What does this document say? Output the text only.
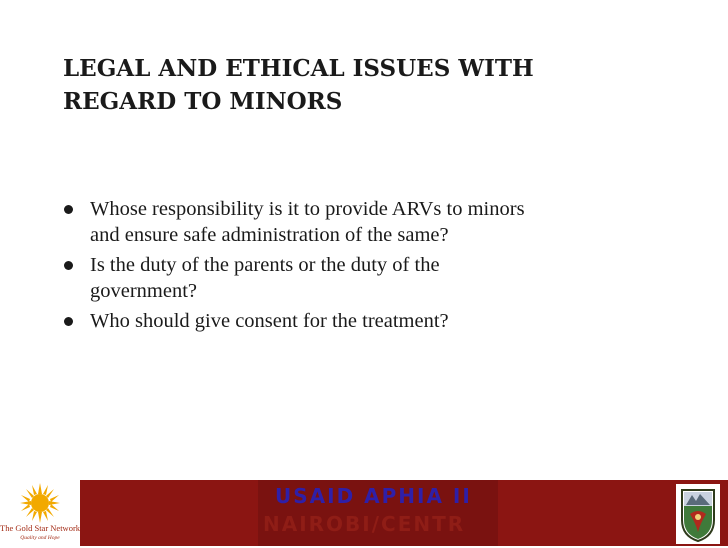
LEGAL AND ETHICAL ISSUES WITH
REGARD TO MINORS
Whose responsibility is it to provide ARVs to minors
and ensure safe administration of the same?
Is the duty of the parents or the duty of the
government?
Who should give consent for the treatment?
The Gold Star Network
Quality and Hope
USAID APHIA II
NAIROBI/CENTR
